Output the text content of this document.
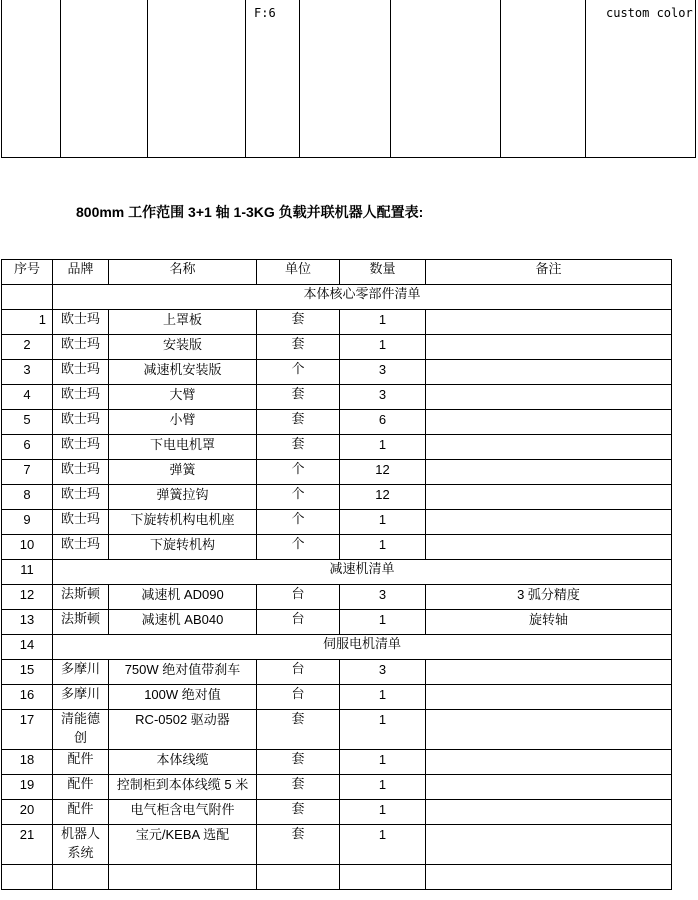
F:6	custom color
800mm 工作范围 3+1 轴 1-3KG 负载并联机器人配置表:
序号	品牌	名称	单位	数量	备注
	本体核心零部件清单				
1	欧士玛	上罩板	套	1	
2	欧士玛	安装版	套	1	
3	欧士玛	减速机安装版	个	3	
4	欧士玛	大臂	套	3	
5	欧士玛	小臂	套	6	
6	欧士玛	下电电机罩	套	1	
7	欧士玛	弹簧	个	12	
8	欧士玛	弹簧拉钩	个	12	
9	欧士玛	下旋转机构电机座	个	1	
10	欧士玛	下旋转机构	个	1	
11	减速机清单				
12	法斯顿	减速机 AD090	台	3	3 弧分精度
13	法斯顿	减速机 AB040	台	1	旋转轴
14	伺服电机清单				
15	多摩川	750W 绝对值带刹车	台	3	
16	多摩川	100W 绝对值	台	1	
17	清能德创	RC-0502 驱动器	套	1	
18	配件	本体线缆	套	1	
19	配件	控制柜到本体线缆 5 米	套	1	
20	配件	电气柜含电气附件	套	1	
21	机器人系统	宝元/KEBA 选配	套	1	
